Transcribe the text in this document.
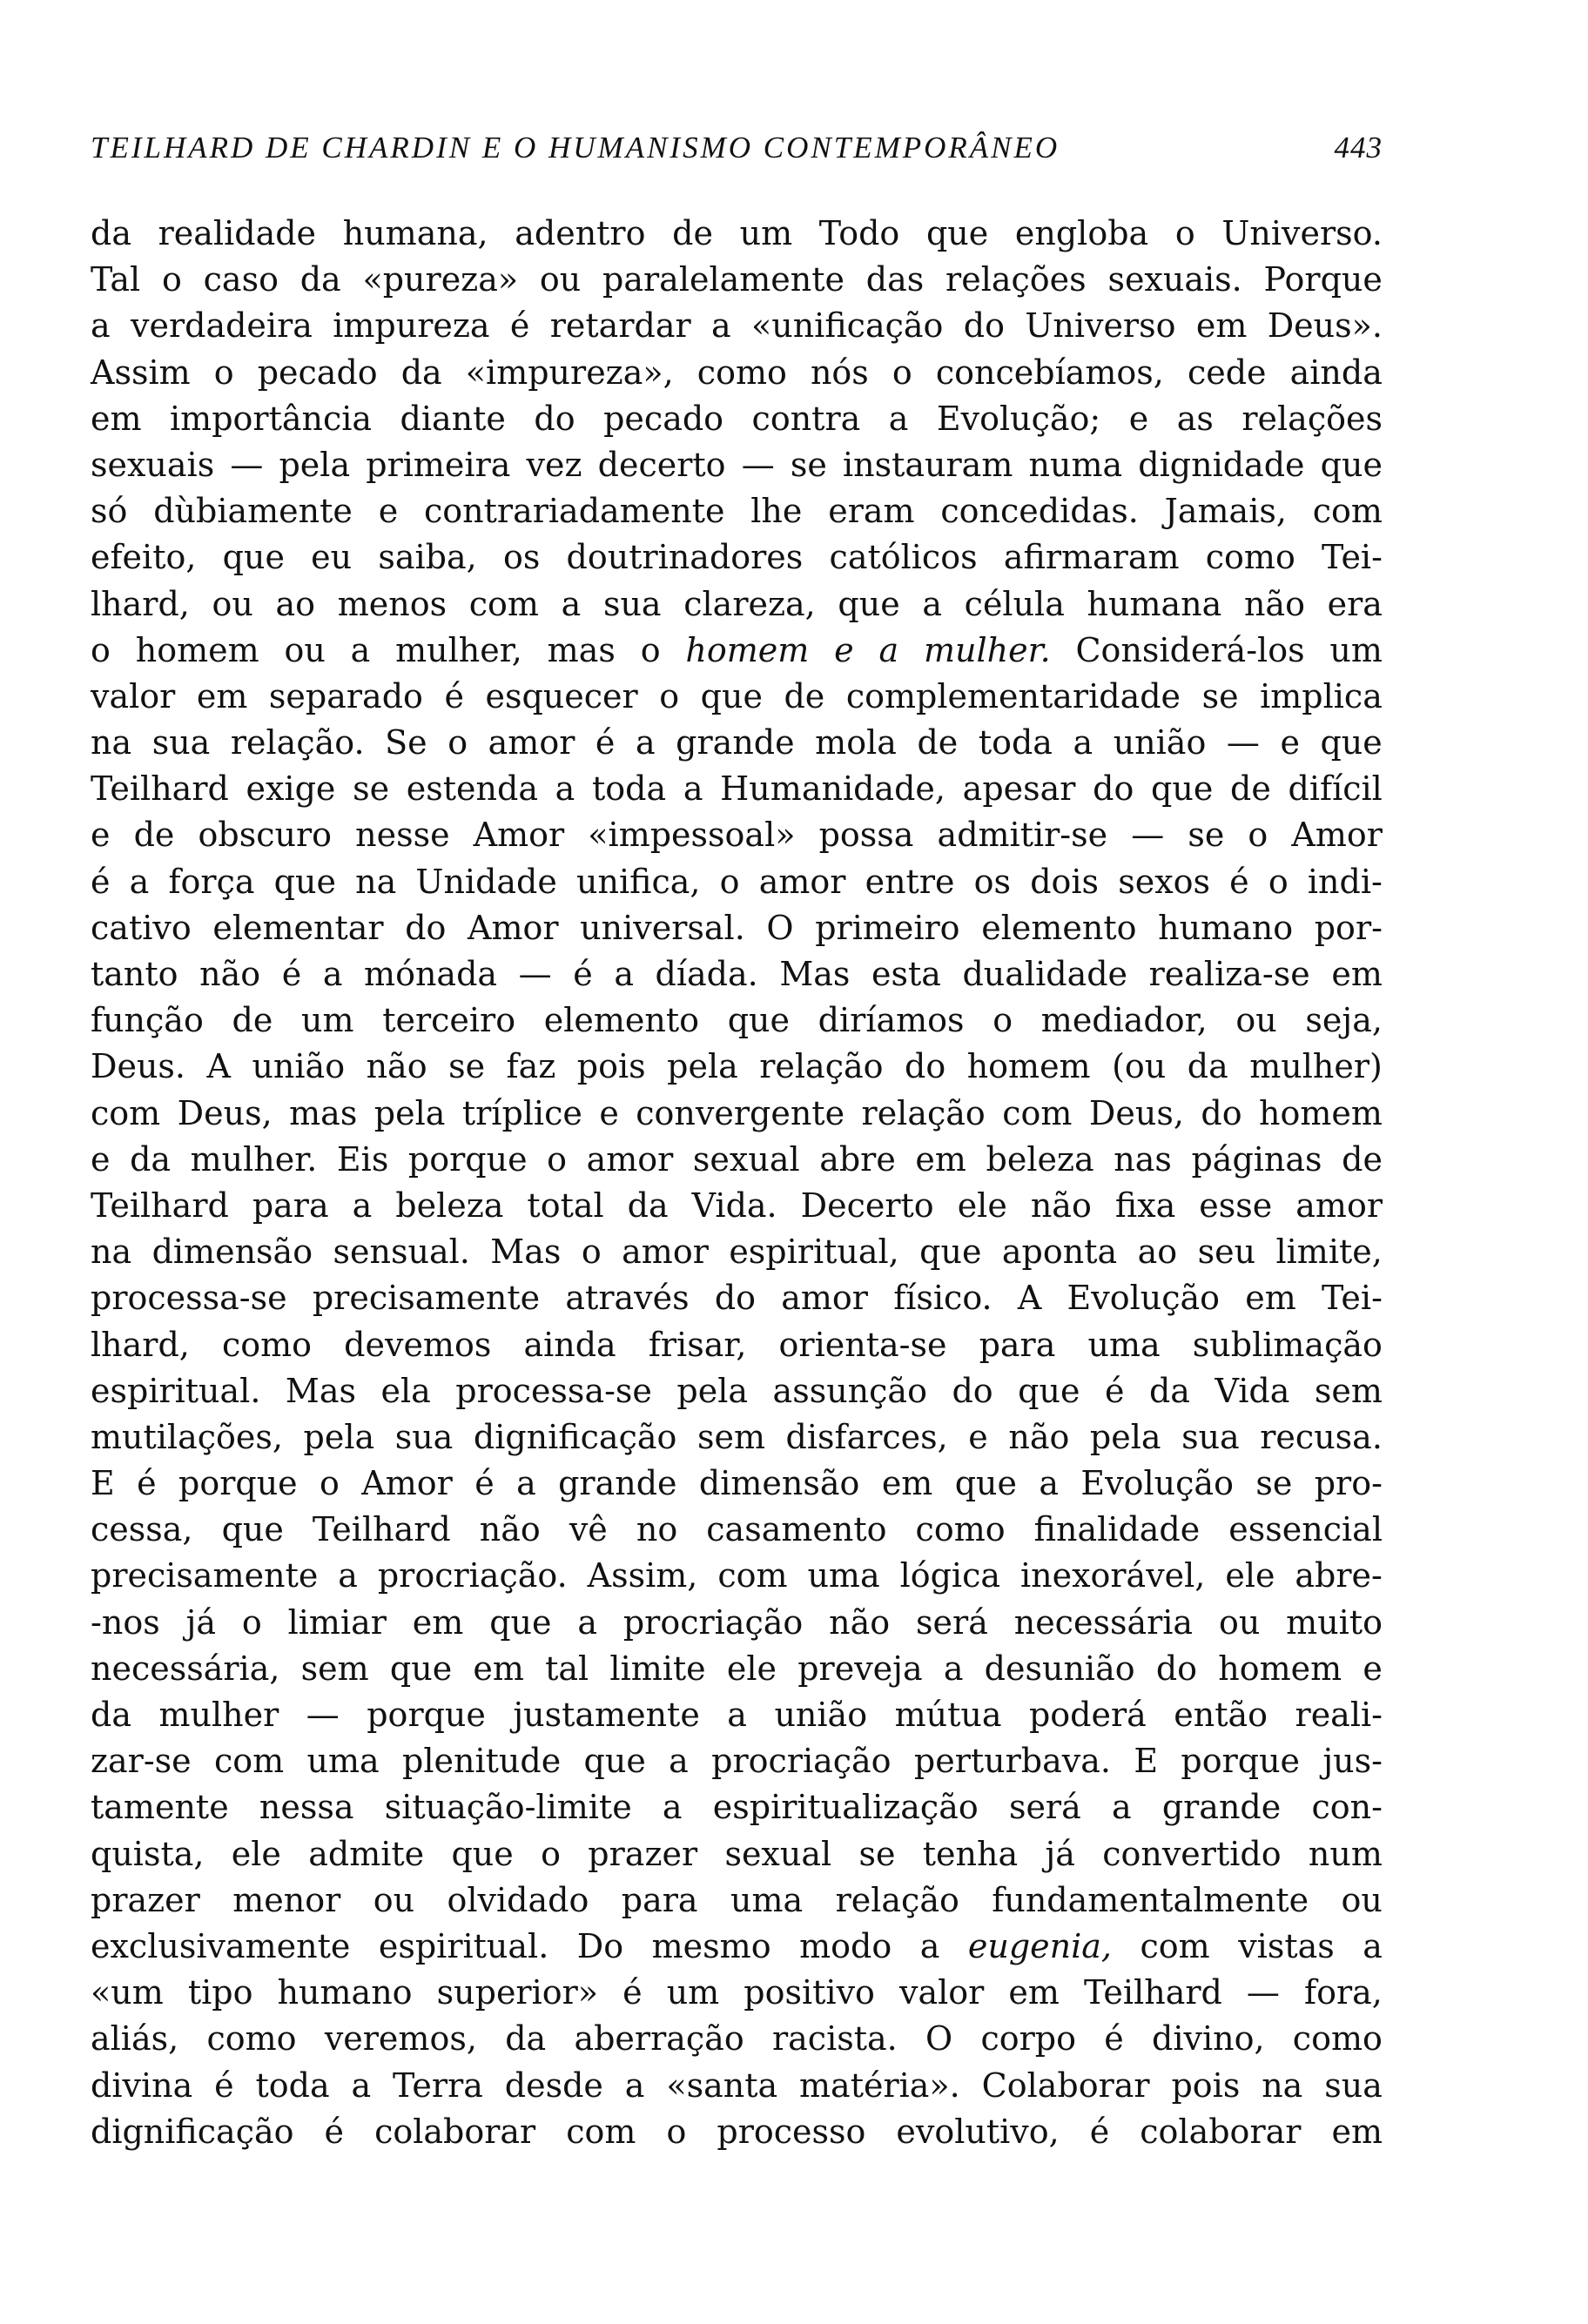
TEILHARD DE CHARDIN E O HUMANISMO CONTEMPORÂNEO	443
da realidade humana, adentro de um Todo que engloba o Universo.
Tal o caso da «pureza» ou paralelamente das relações sexuais. Porque
a verdadeira impureza é retardar a «unificação do Universo em Deus».
Assim o pecado da «impureza», como nós o concebíamos, cede ainda
em importância diante do pecado contra a Evolução; e as relações
sexuais — pela primeira vez decerto — se instauram numa dignidade que
só dùbiamente e contrariadamente lhe eram concedidas. Jamais, com
efeito, que eu saiba, os doutrinadores católicos afirmaram como Tei-
lhard, ou ao menos com a sua clareza, que a célula humana não era
o homem ou a mulher, mas o homem e a mulher. Considerá-los um
valor em separado é esquecer o que de complementaridade se implica
na sua relação. Se o amor é a grande mola de toda a união — e que
Teilhard exige se estenda a toda a Humanidade, apesar do que de difícil
e de obscuro nesse Amor «impessoal» possa admitir-se — se o Amor
é a força que na Unidade unifica, o amor entre os dois sexos é o indi-
cativo elementar do Amor universal. O primeiro elemento humano por-
tanto não é a mónada — é a díada. Mas esta dualidade realiza-se em
função de um terceiro elemento que diríamos o mediador, ou seja,
Deus. A união não se faz pois pela relação do homem (ou da mulher)
com Deus, mas pela tríplice e convergente relação com Deus, do homem
e da mulher. Eis porque o amor sexual abre em beleza nas páginas de
Teilhard para a beleza total da Vida. Decerto ele não fixa esse amor
na dimensão sensual. Mas o amor espiritual, que aponta ao seu limite,
processa-se precisamente através do amor físico. A Evolução em Tei-
lhard, como devemos ainda frisar, orienta-se para uma sublimação
espiritual. Mas ela processa-se pela assunção do que é da Vida sem
mutilações, pela sua dignificação sem disfarces, e não pela sua recusa.
E é porque o Amor é a grande dimensão em que a Evolução se pro-
cessa, que Teilhard não vê no casamento como finalidade essencial
precisamente a procriação. Assim, com uma lógica inexorável, ele abre-
-nos já o limiar em que a procriação não será necessária ou muito
necessária, sem que em tal limite ele preveja a desunião do homem e
da mulher — porque justamente a união mútua poderá então reali-
zar-se com uma plenitude que a procriação perturbava. E porque jus-
tamente nessa situação-limite a espiritualização será a grande con-
quista, ele admite que o prazer sexual se tenha já convertido num
prazer menor ou olvidado para uma relação fundamentalmente ou
exclusivamente espiritual. Do mesmo modo a eugenia, com vistas a
«um tipo humano superior» é um positivo valor em Teilhard — fora,
aliás, como veremos, da aberração racista. O corpo é divino, como
divina é toda a Terra desde a «santa matéria». Colaborar pois na sua
dignificação é colaborar com o processo evolutivo, é colaborar em
